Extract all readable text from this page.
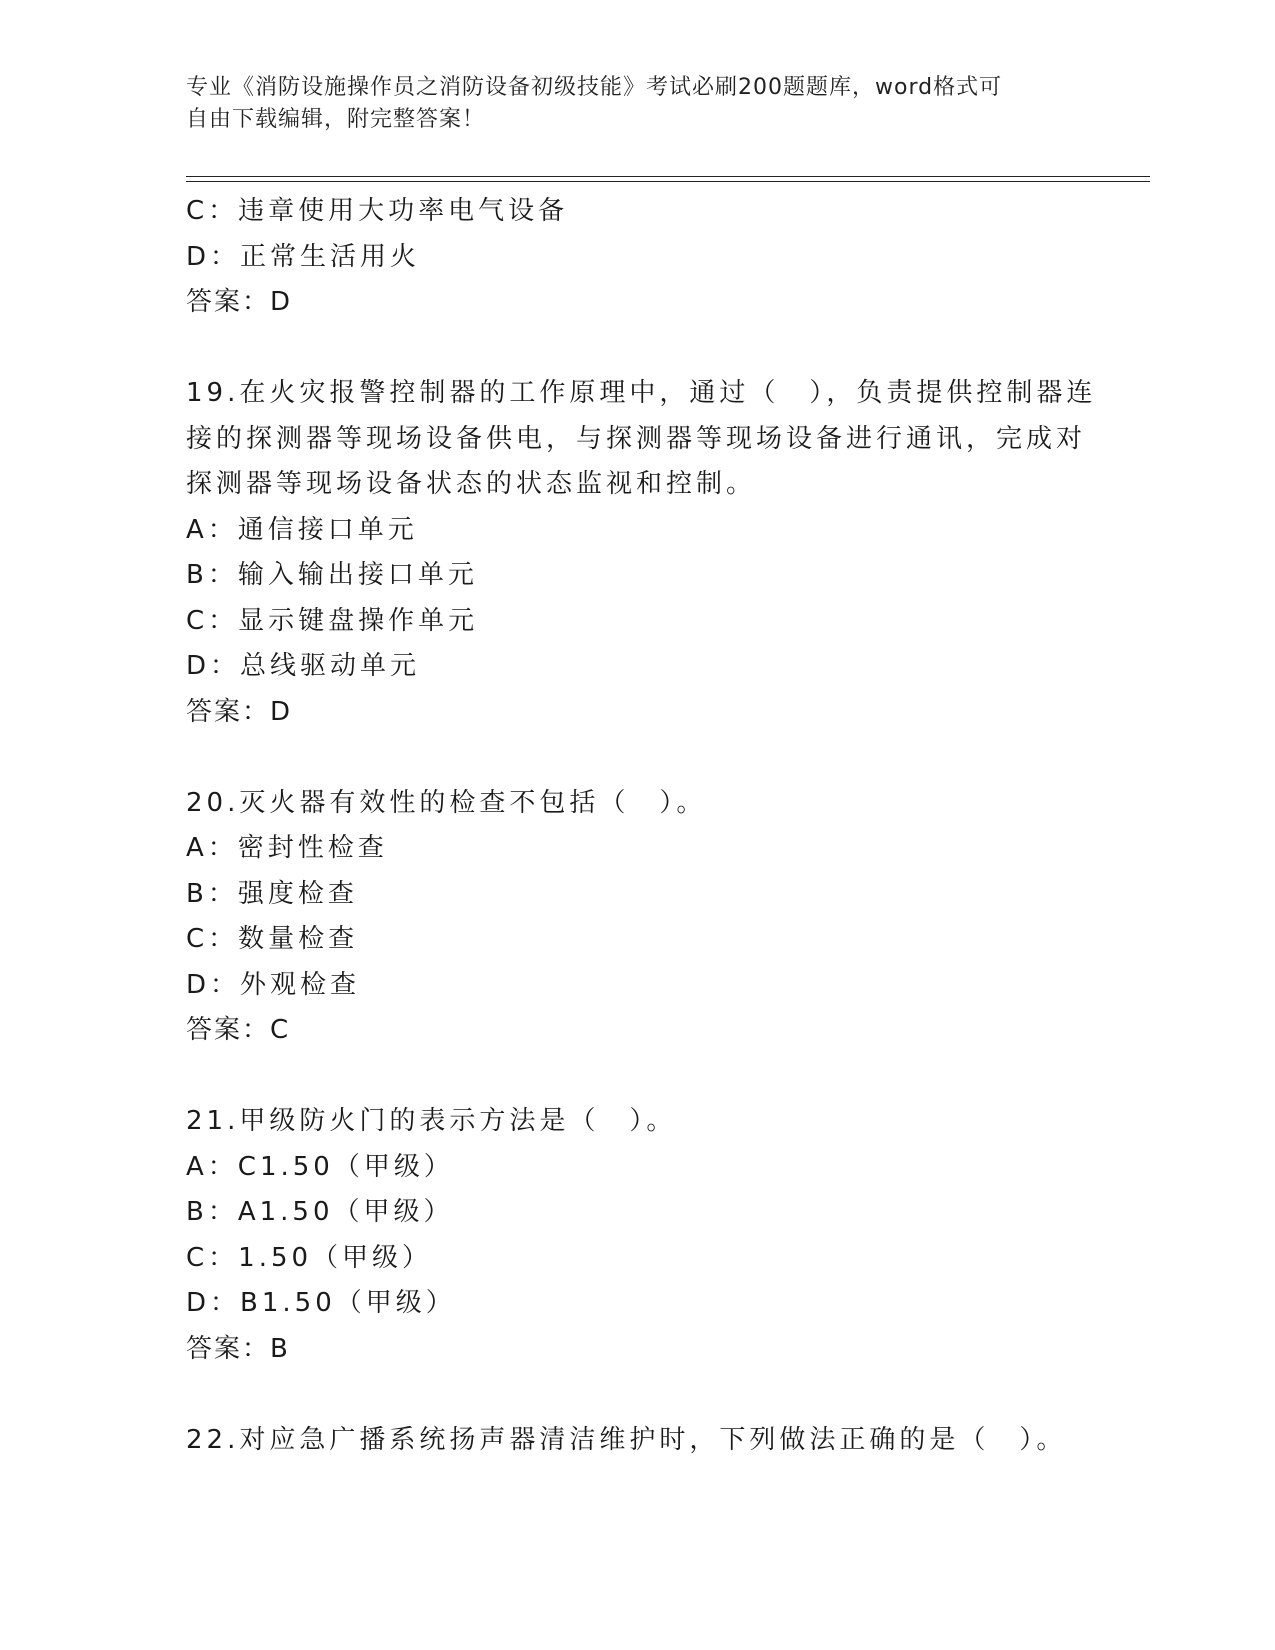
专业《消防设施操作员之消防设备初级技能》考试必刷200题题库，word格式可
自由下载编辑，附完整答案！
C：违章使用大功率电气设备
D：正常生活用火
答案：D
19.在火灾报警控制器的工作原理中，通过（　），负责提供控制器连
接的探测器等现场设备供电，与探测器等现场设备进行通讯，完成对
探测器等现场设备状态的状态监视和控制。
A：通信接口单元
B：输入输出接口单元
C：显示键盘操作单元
D：总线驱动单元
答案：D
20.灭火器有效性的检查不包括（　）。
A：密封性检查
B：强度检查
C：数量检查
D：外观检查
答案：C
21.甲级防火门的表示方法是（　）。
A：C1.50（甲级）
B：A1.50（甲级）
C：1.50（甲级）
D：B1.50（甲级）
答案：B
22.对应急广播系统扬声器清洁维护时，下列做法正确的是（　）。
